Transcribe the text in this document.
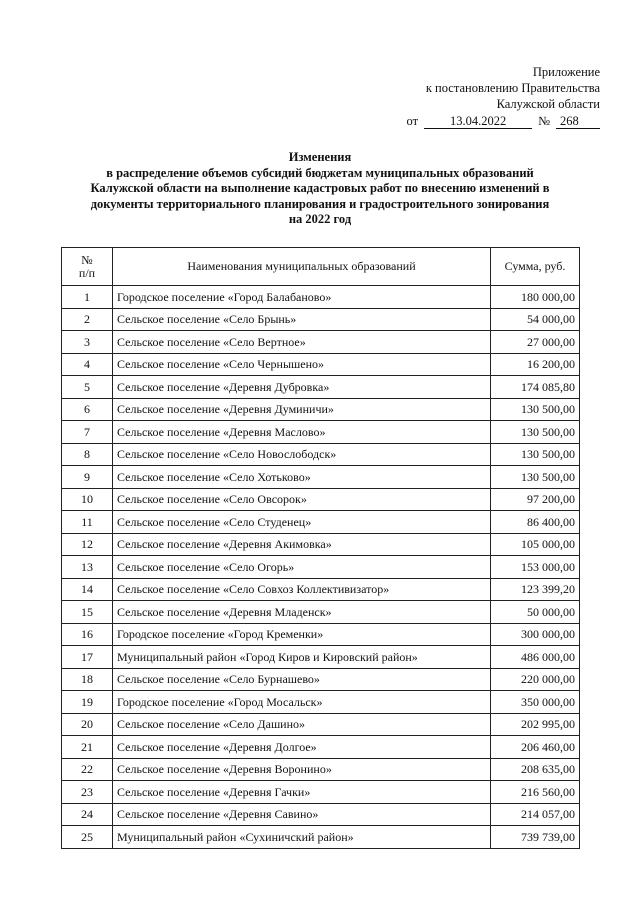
Приложение
к постановлению Правительства
Калужской области
от	13.04.2022	№ 268
Изменения
в распределение объемов субсидий бюджетам муниципальных образований
Калужской области на выполнение кадастровых работ по внесению изменений в
документы территориального планирования и градостроительного зонирования
на 2022 год
№
п/п	Наименования муниципальных образований	Сумма, руб.
1	Городское поселение «Город Балабаново»	180 000,00
2	Сельское поселение «Село Брынь»	54 000,00
3	Сельское поселение «Село Вертное»	27 000,00
4	Сельское поселение «Село Чернышено»	16 200,00
5	Сельское поселение «Деревня Дубровка»	174 085,80
6	Сельское поселение «Деревня Думиничи»	130 500,00
7	Сельское поселение «Деревня Маслово»	130 500,00
8	Сельское поселение «Село Новослободск»	130 500,00
9	Сельское поселение «Село Хотьково»	130 500,00
10	Сельское поселение «Село Овсорок»	97 200,00
11	Сельское поселение «Село Студенец»	86 400,00
12	Сельское поселение «Деревня Акимовка»	105 000,00
13	Сельское поселение «Село Огорь»	153 000,00
14	Сельское поселение «Село Совхоз Коллективизатор»	123 399,20
15	Сельское поселение «Деревня Младенск»	50 000,00
16	Городское поселение «Город Кременки»	300 000,00
17	Муниципальный район «Город Киров и Кировский район»	486 000,00
18	Сельское поселение «Село Бурнашево»	220 000,00
19	Городское поселение «Город Мосальск»	350 000,00
20	Сельское поселение «Село Дашино»	202 995,00
21	Сельское поселение «Деревня Долгое»	206 460,00
22	Сельское поселение «Деревня Воронино»	208 635,00
23	Сельское поселение «Деревня Гачки»	216 560,00
24	Сельское поселение «Деревня Савино»	214 057,00
25	Муниципальный район «Сухиничский район»	739 739,00
